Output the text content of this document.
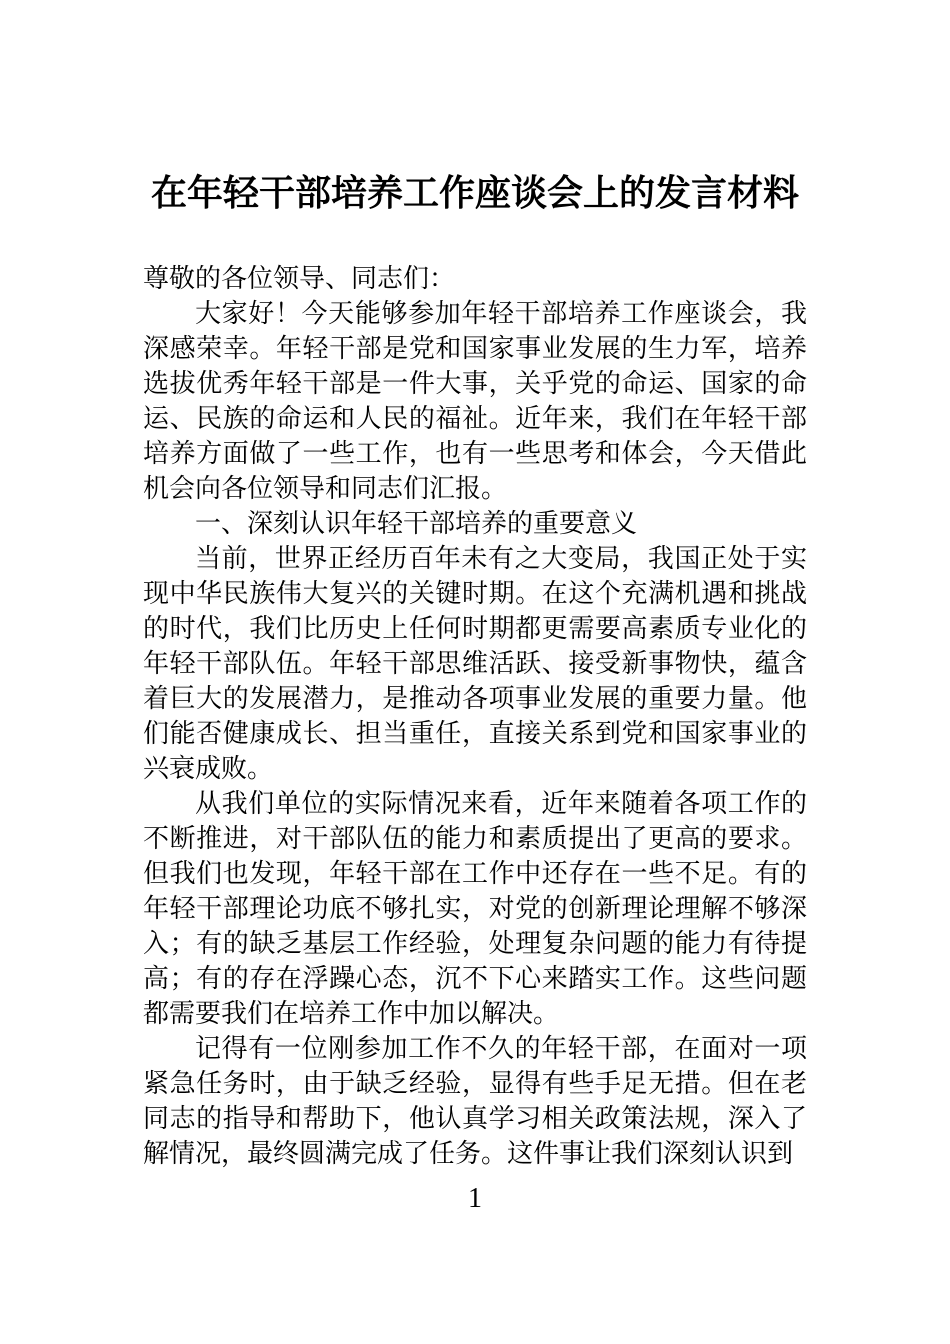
在年轻干部培养工作座谈会上的发言材料

尊敬的各位领导、同志们：

大家好！今天能够参加年轻干部培养工作座谈会，我深感荣幸。年轻干部是党和国家事业发展的生力军，培养选拔优秀年轻干部是一件大事，关乎党的命运、国家的命运、民族的命运和人民的福祉。近年来，我们在年轻干部培养方面做了一些工作，也有一些思考和体会，今天借此机会向各位领导和同志们汇报。

一、深刻认识年轻干部培养的重要意义

当前，世界正经历百年未有之大变局，我国正处于实现中华民族伟大复兴的关键时期。在这个充满机遇和挑战的时代，我们比历史上任何时期都更需要高素质专业化的年轻干部队伍。年轻干部思维活跃、接受新事物快，蕴含着巨大的发展潜力，是推动各项事业发展的重要力量。他们能否健康成长、担当重任，直接关系到党和国家事业的兴衰成败。

从我们单位的实际情况来看，近年来随着各项工作的不断推进，对干部队伍的能力和素质提出了更高的要求。但我们也发现，年轻干部在工作中还存在一些不足。有的年轻干部理论功底不够扎实，对党的创新理论理解不够深入；有的缺乏基层工作经验，处理复杂问题的能力有待提高；有的存在浮躁心态，沉不下心来踏实工作。这些问题都需要我们在培养工作中加以解决。

记得有一位刚参加工作不久的年轻干部，在面对一项紧急任务时，由于缺乏经验，显得有些手足无措。但在老同志的指导和帮助下，他认真学习相关政策法规，深入了解情况，最终圆满完成了任务。这件事让我们深刻认识到

1
